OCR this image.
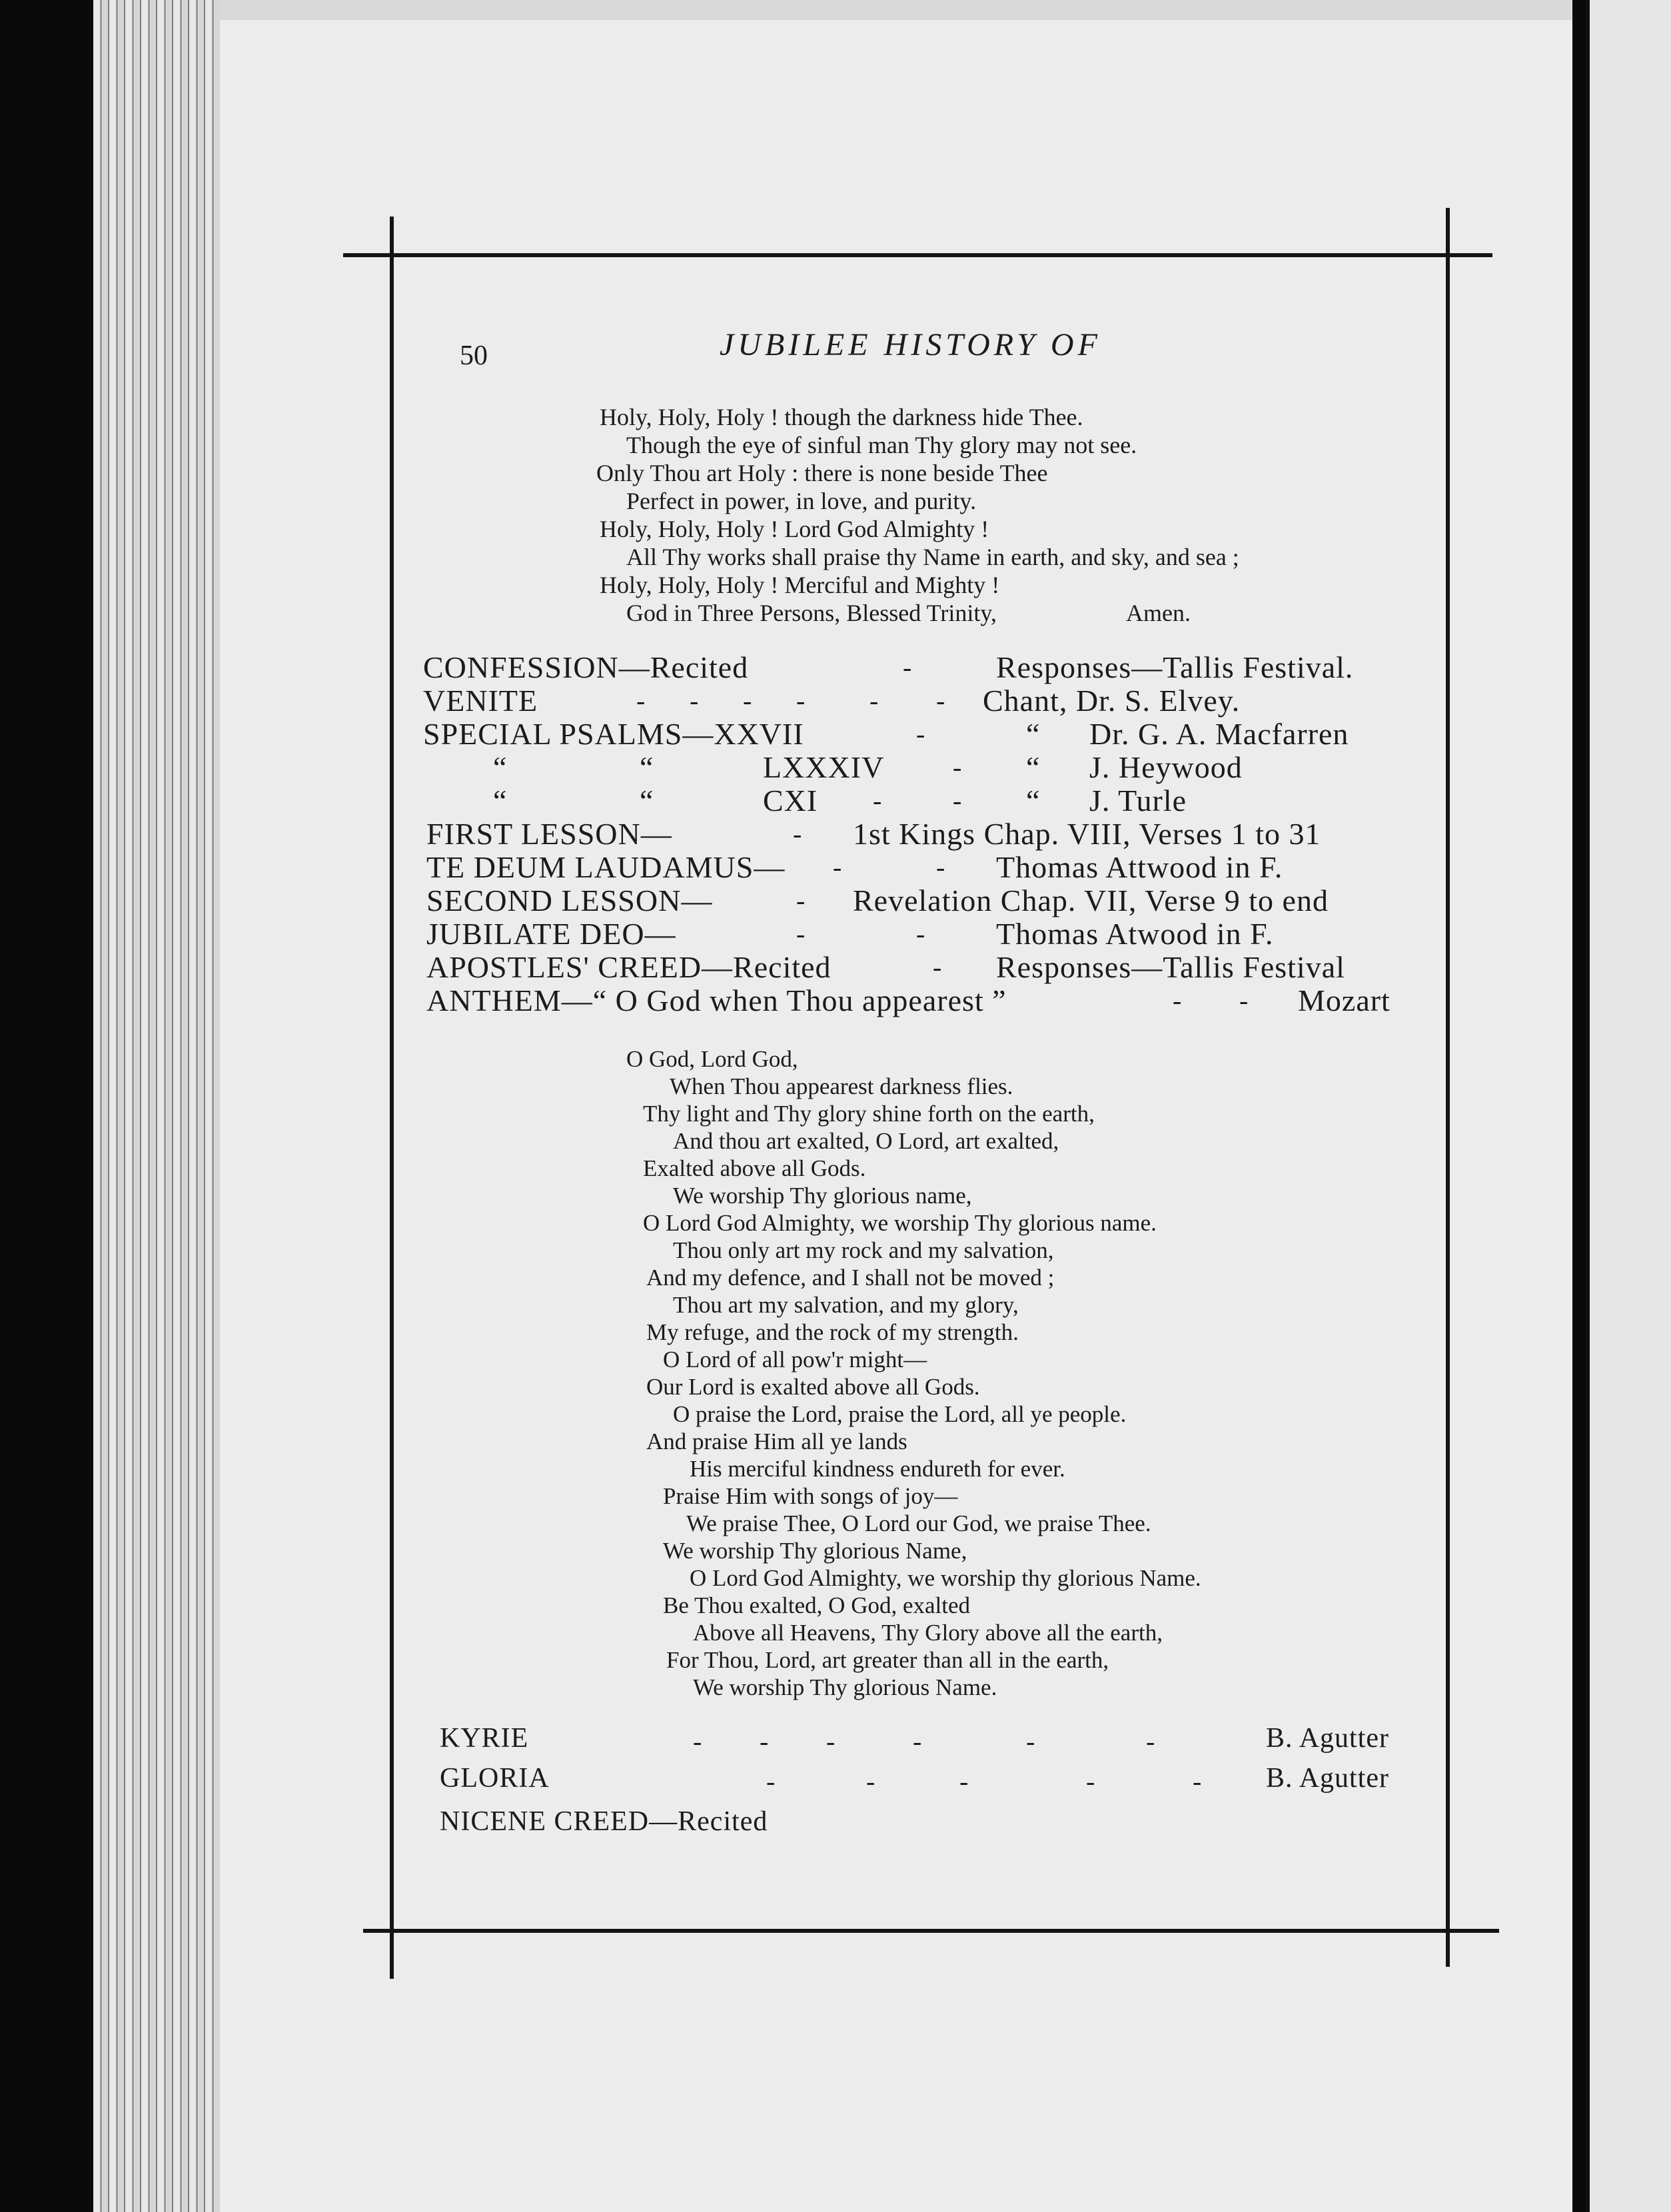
50	JUBILEE HISTORY OF
Holy, Holy, Holy ! though the darkness hide Thee.
Though the eye of sinful man Thy glory may not see.
Only Thou art Holy : there is none beside Thee
Perfect in power, in love, and purity.
Holy, Holy, Holy ! Lord God Almighty !
All Thy works shall praise thy Name in earth, and sky, and sea ;
Holy, Holy, Holy ! Merciful and Mighty !
God in Three Persons, Blessed Trinity,	Amen.
CONFESSION—Recited	-	Responses—Tallis Festival.
VENITE	- - - - - - Chant, Dr. S. Elvey.
SPECIAL PSALMS—XXVII	-	“ Dr. G. A. Macfarren
“	“	LXXXIV	- “ J. Heywood
“	“	CXI -	- “ J. Turle
FIRST LESSON—	- 1st Kings Chap. VIII, Verses 1 to 31
TE DEUM LAUDAMUS— -	- Thomas Attwood in F.
SECOND LESSON—	- Revelation Chap. VII, Verse 9 to end
JUBILATE DEO—	-	- Thomas Atwood in F.
APOSTLES' CREED—Recited	- Responses—Tallis Festival
ANTHEM—“ O God when Thou appearest ”	- - Mozart
O God, Lord God,
When Thou appearest darkness flies.
Thy light and Thy glory shine forth on the earth,
And thou art exalted, O Lord, art exalted,
Exalted above all Gods.
We worship Thy glorious name,
O Lord God Almighty, we worship Thy glorious name.
Thou only art my rock and my salvation,
And my defence, and I shall not be moved ;
Thou art my salvation, and my glory,
My refuge, and the rock of my strength.
O Lord of all pow'r might—
Our Lord is exalted above all Gods.
O praise the Lord, praise the Lord, all ye people.
And praise Him all ye lands
His merciful kindness endureth for ever.
Praise Him with songs of joy—
We praise Thee, O Lord our God, we praise Thee.
We worship Thy glorious Name,
O Lord God Almighty, we worship thy glorious Name.
Be Thou exalted, O God, exalted
Above all Heavens, Thy Glory above all the earth,
For Thou, Lord, art greater than all in the earth,
We worship Thy glorious Name.
KYRIE	- - -	-	-	-	B. Agutter
GLORIA	-	-	-	-	- B. Agutter
NICENE CREED—Recited
